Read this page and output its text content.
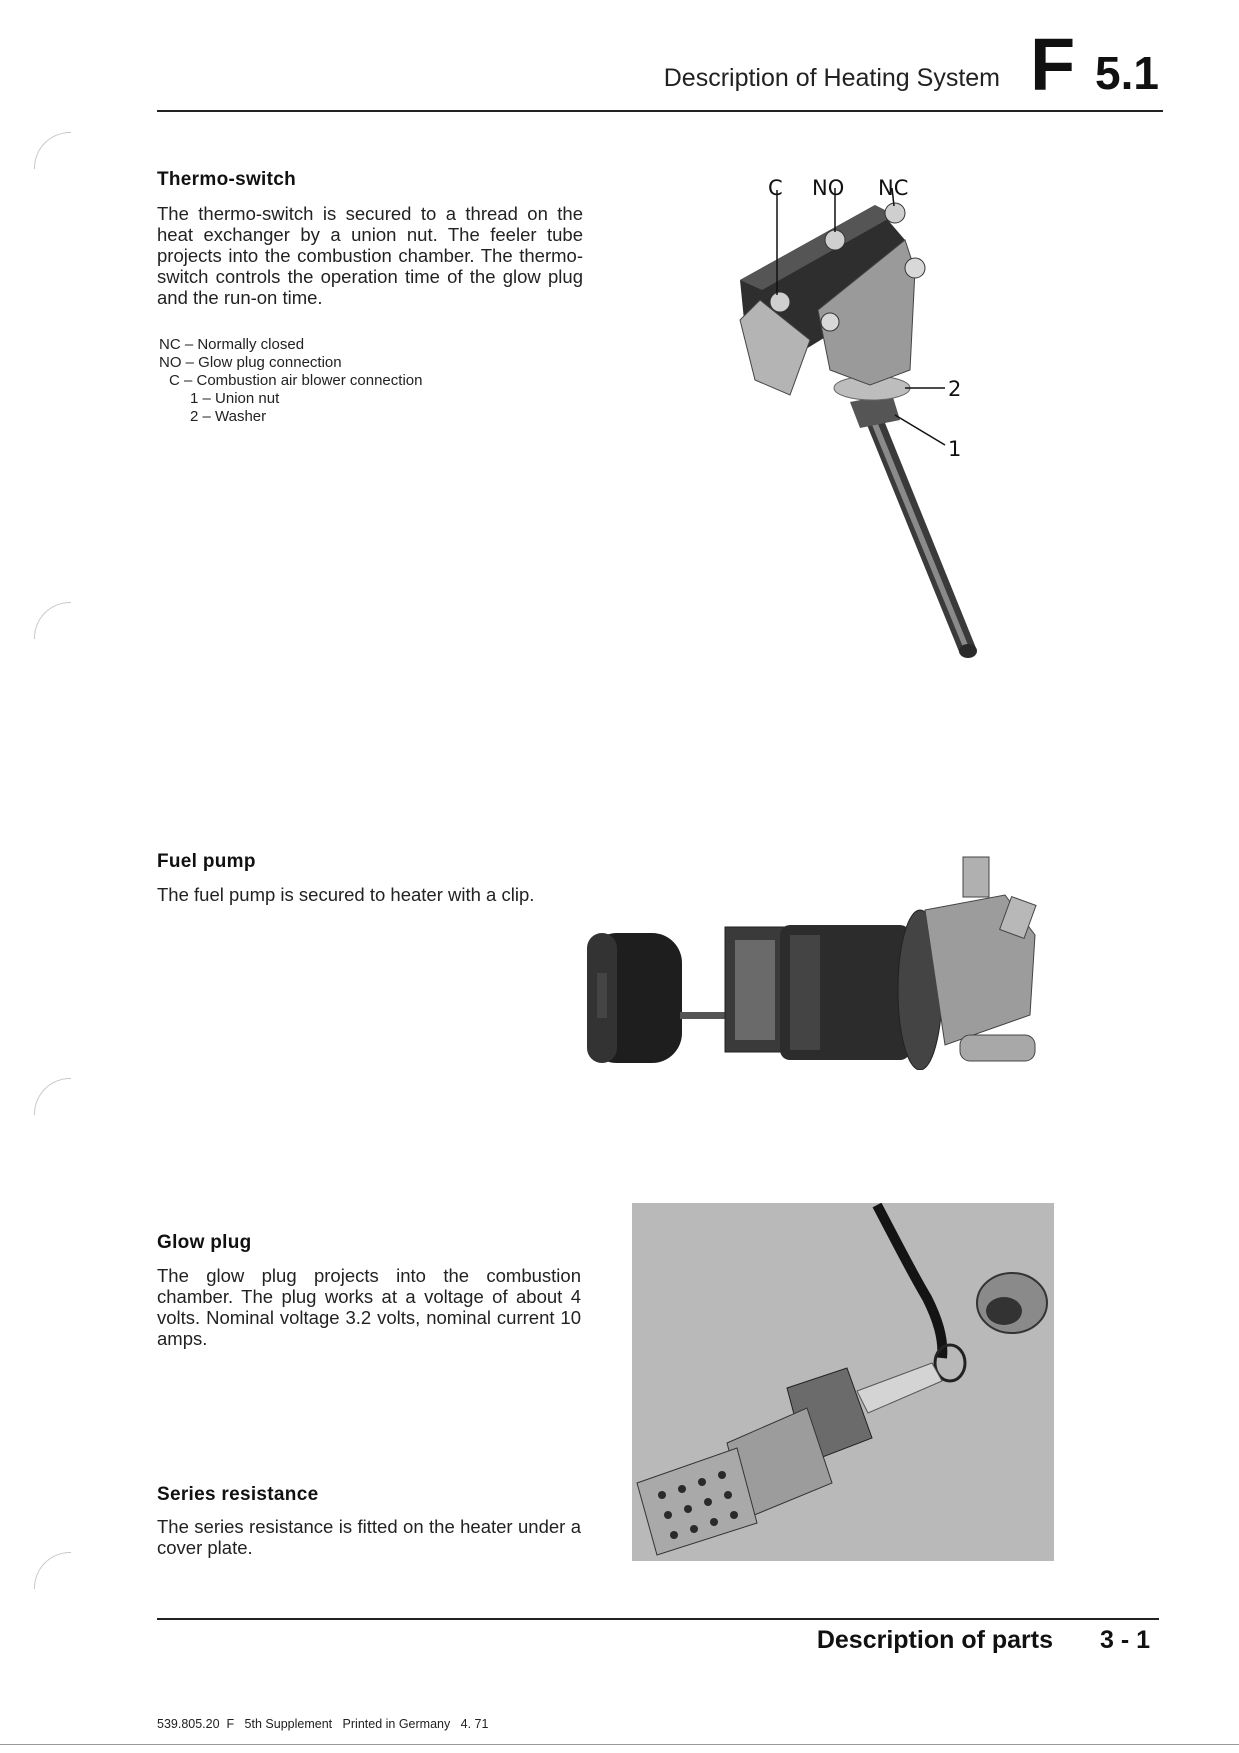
Description of Heating System F 5.1
Thermo-switch
The thermo-switch is secured to a thread on the heat exchanger by a union nut. The feeler tube projects into the combustion chamber. The thermo-switch controls the operation time of the glow plug and the run-on time.
NC – Normally closed
NO – Glow plug connection
C – Combustion air blower connection
1 – Union nut
2 – Washer
C NO NC
2
1
Fuel pump
The fuel pump is secured to heater with a clip.
Glow plug
The glow plug projects into the combustion chamber. The plug works at a voltage of about 4 volts. Nominal voltage 3.2 volts, nominal current 10 amps.
Series resistance
The series resistance is fitted on the heater under a cover plate.
Description of parts 3 - 1
539.805.20  F   5th Supplement   Printed in Germany   4. 71
